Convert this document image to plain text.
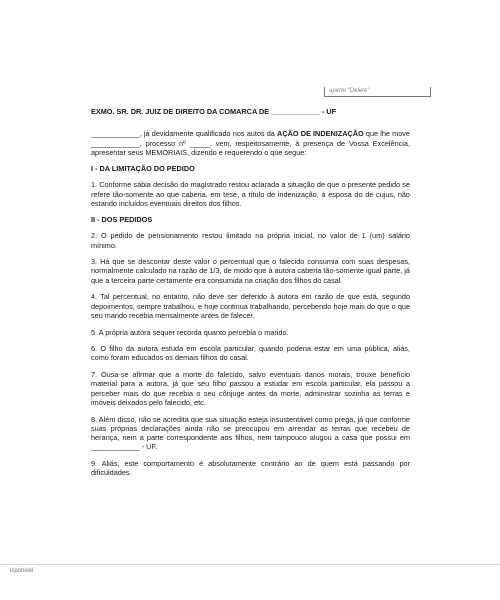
aperte "Delete"

EXMO. SR. DR. JUIZ DE DIREITO DA COMARCA DE ____________ - UF

____________, já devidamente qualificado nos autos da AÇÃO DE INDENIZAÇÃO que lhe move ____________, processo nº _____, vem, respeitosamente, à presença de Vossa Excelência, apresentar seus MEMORIAIS, dizendo e requerendo o que segue:

I - DA LIMITAÇÃO DO PEDIDO

1. Conforme sábia decisão do magistrado restou aclarada a situação de que o presente pedido se refere tão-somente ao que caberia, em tese, a título de indenização, à esposa do de cujus, não estando incluídos eventuais direitos dos filhos.

II - DOS PEDIDOS

2. O pedido de pensionamento restou limitado na própria inicial, no valor de 1 (um) salário mínimo.

3. Há que se descontar deste valor o percentual que o falecido consumia com suas despesas, normalmente calculado na razão de 1/3, de modo que à autora caberia tão-somente igual parte, já que a terceira parte certamente era consumida na criação dos filhos do casal.

4. Tal percentual, no entanto, não deve ser deferido à autora em razão de que está, segundo depoimentos, sempre trabalhou, e hoje continua trabalhando, percebendo hoje mais do que o que seu marido recebia mensalmente antes de falecer.

5. A própria autora sequer recorda quanto percebia o marido.

6. O filho da autora estuda em escola particular, quando poderia estar em uma pública, aliás, como foram educados os demais filhos do casal.

7. Ousa-se afirmar que a morte do falecido, salvo eventuais danos morais, trouxe benefício material para a autora, já que seu filho passou a estudar em escola particular, ela passou a perceber mais do que recebia o seu cônjuge antes da morte, administrar sozinha as terras e imóveis deixados pelo falecido, etc.

8. Além disso, não se acredita que sua situação esteja insustentável como prega, já que conforme suas próprias declarações ainda não se preocupou em arrendar as terras que recebeu de herança, nem a parte correspondente aos filhos, nem tampouco alugou a casa que possui em ____________ - UF.

9. Aliás, este comportamento é absolutamente contrário ao de quem está passando por dificuldades.

icponivel
